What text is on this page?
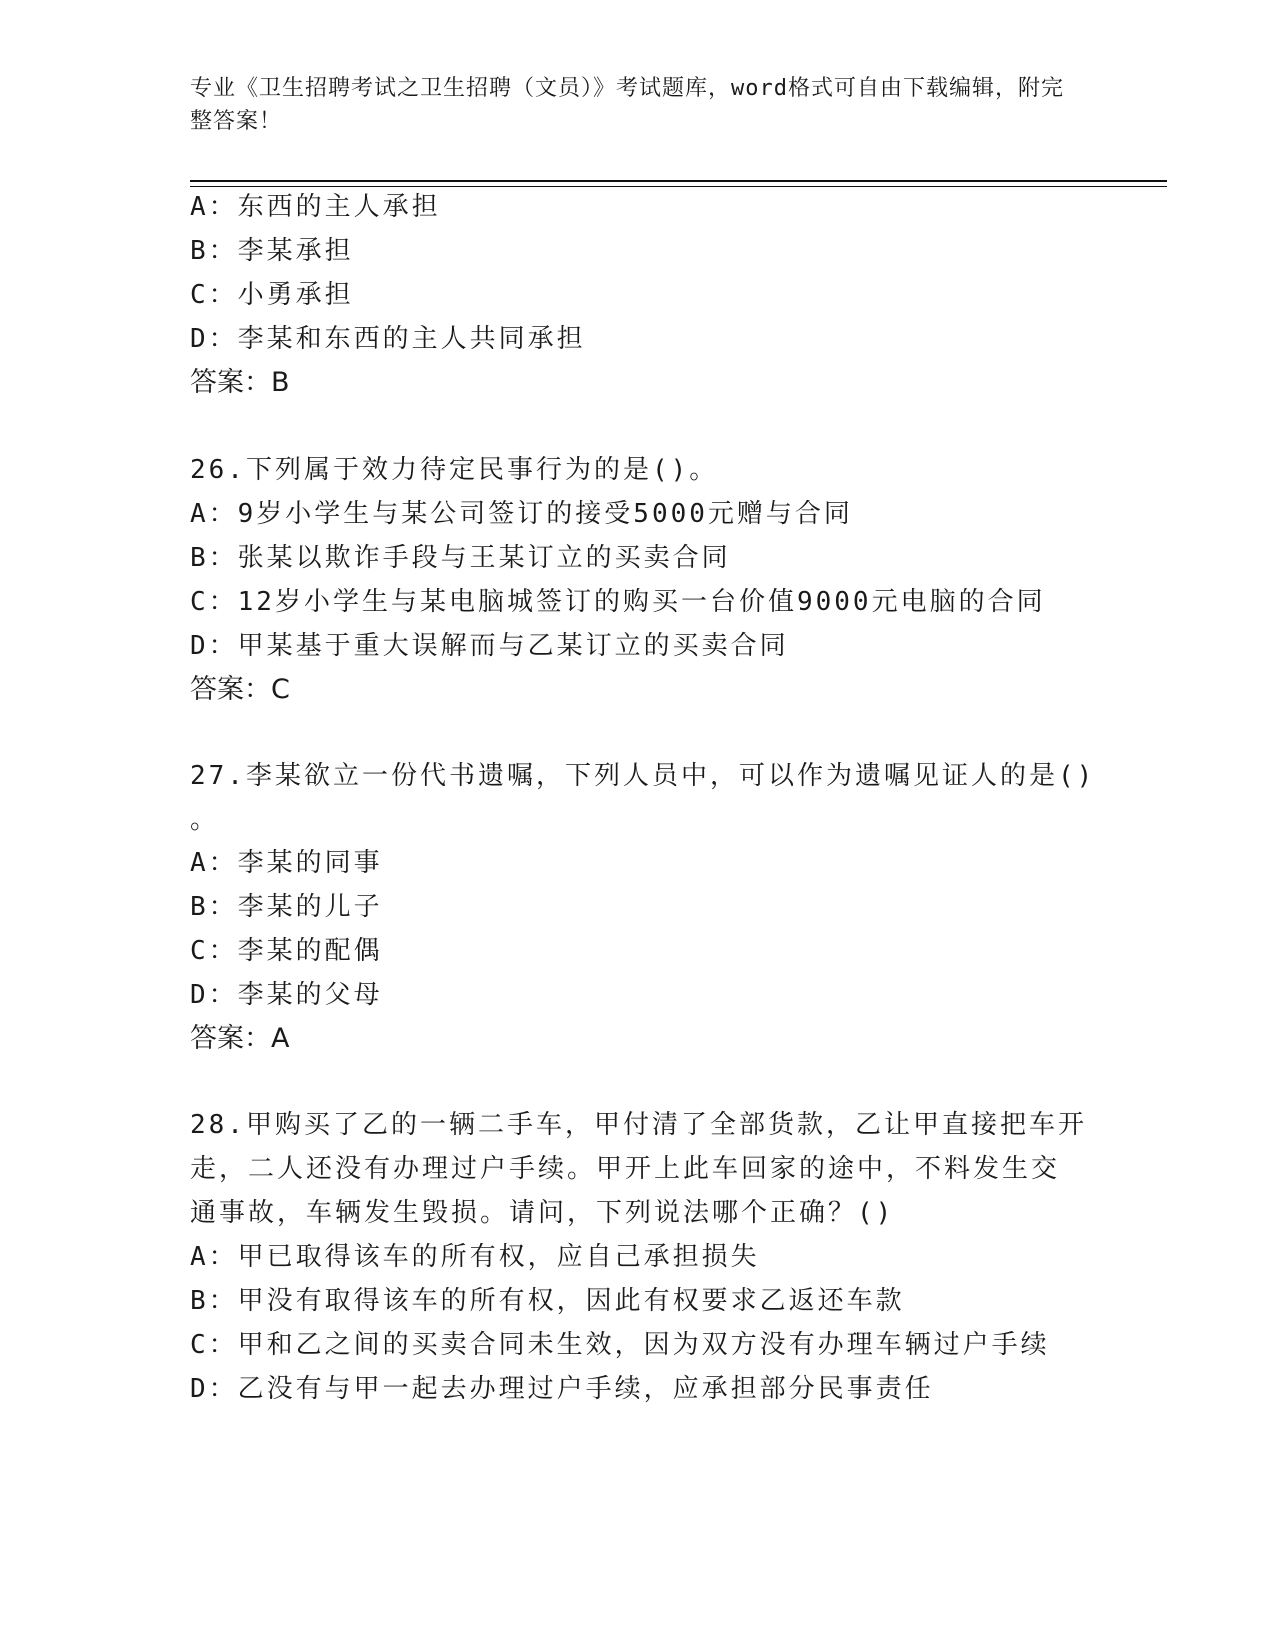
专业《卫生招聘考试之卫生招聘（文员）》考试题库，word格式可自由下载编辑，附完整答案！
A：东西的主人承担
B：李某承担
C：小勇承担
D：李某和东西的主人共同承担
答案：B
26.下列属于效力待定民事行为的是()。
A：9岁小学生与某公司签订的接受5000元赠与合同
B：张某以欺诈手段与王某订立的买卖合同
C：12岁小学生与某电脑城签订的购买一台价值9000元电脑的合同
D：甲某基于重大误解而与乙某订立的买卖合同
答案：C
27.李某欲立一份代书遗嘱，下列人员中，可以作为遗嘱见证人的是()
。
A：李某的同事
B：李某的儿子
C：李某的配偶
D：李某的父母
答案：A
28.甲购买了乙的一辆二手车，甲付清了全部货款，乙让甲直接把车开
走，二人还没有办理过户手续。甲开上此车回家的途中，不料发生交
通事故，车辆发生毁损。请问，下列说法哪个正确？()
A：甲已取得该车的所有权，应自己承担损失
B：甲没有取得该车的所有权，因此有权要求乙返还车款
C：甲和乙之间的买卖合同未生效，因为双方没有办理车辆过户手续
D：乙没有与甲一起去办理过户手续，应承担部分民事责任
